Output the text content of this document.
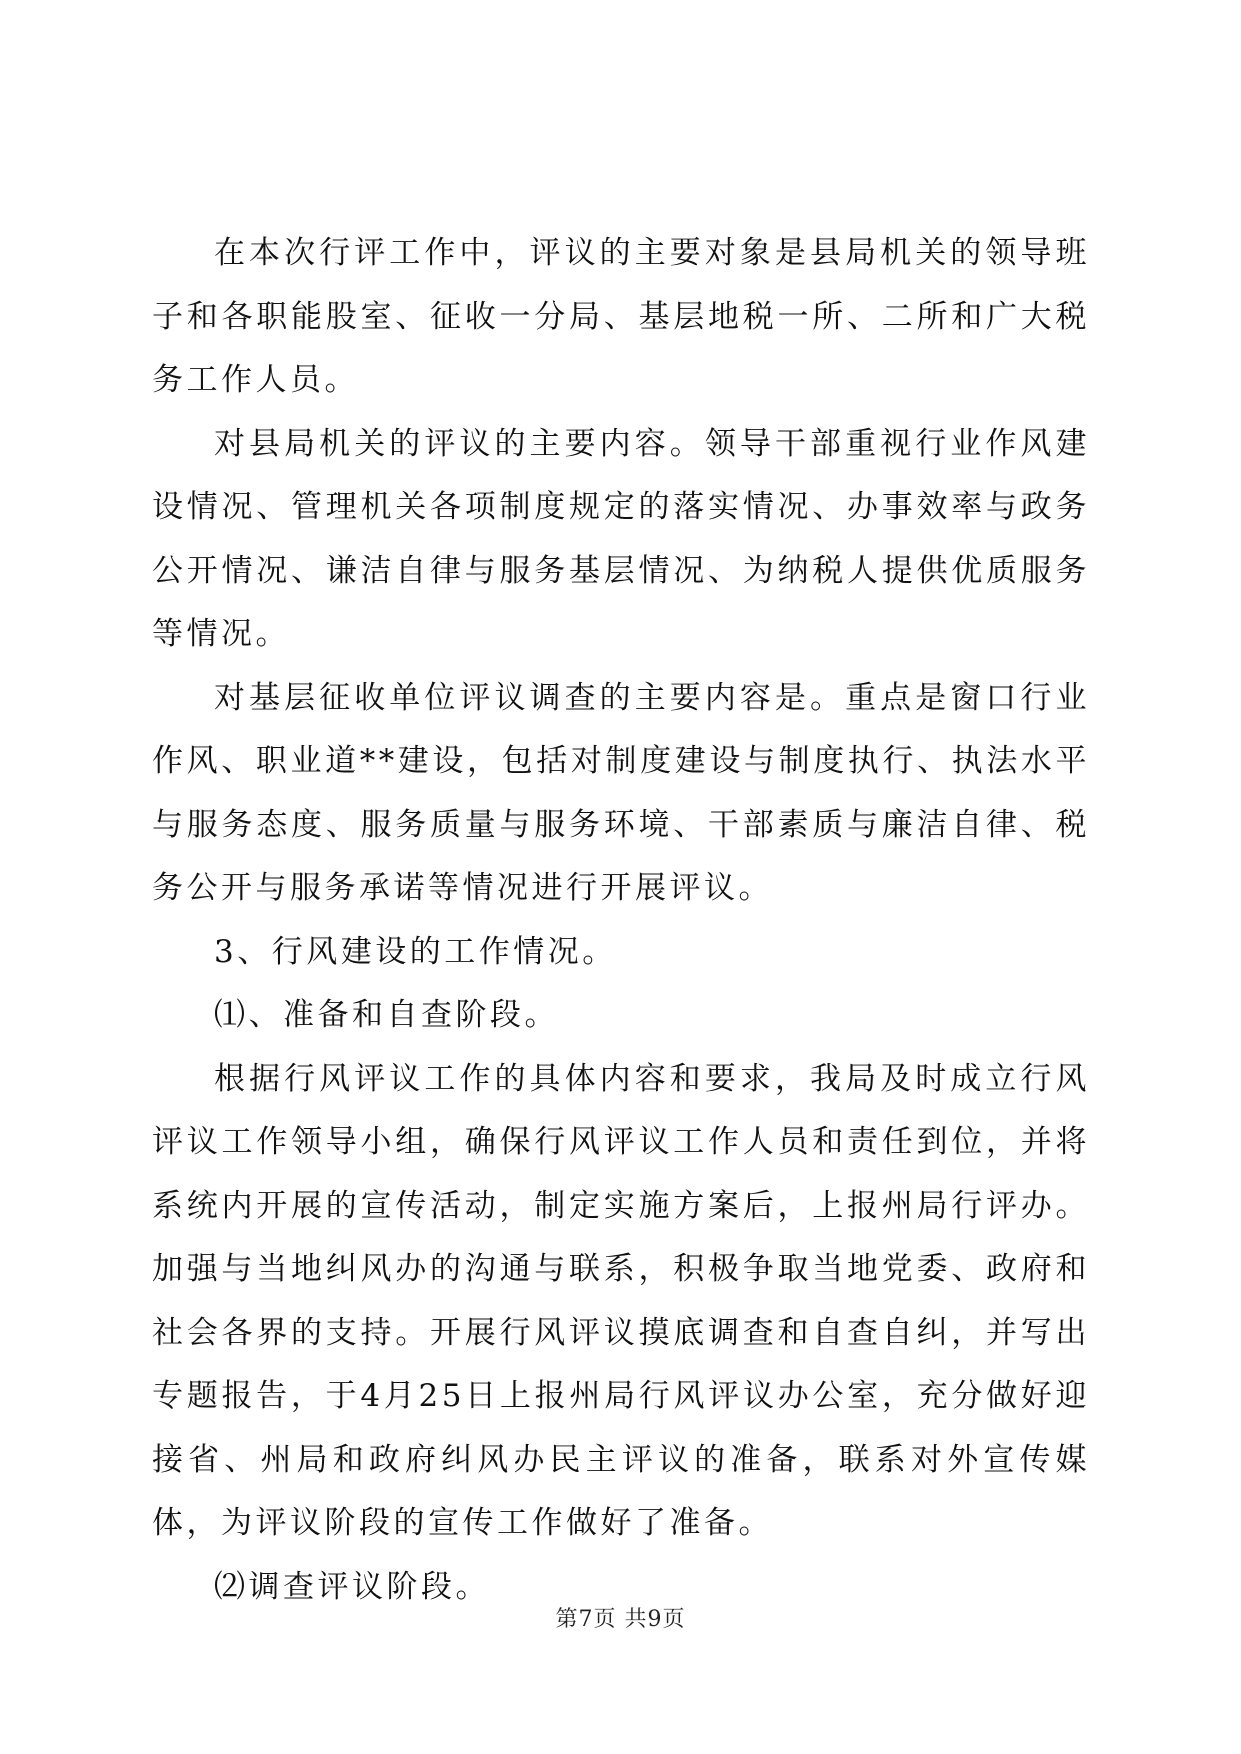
在本次行评工作中，评议的主要对象是县局机关的领导班子和各职能股室、征收一分局、基层地税一所、二所和广大税务工作人员。

对县局机关的评议的主要内容。领导干部重视行业作风建设情况、管理机关各项制度规定的落实情况、办事效率与政务公开情况、谦洁自律与服务基层情况、为纳税人提供优质服务等情况。

对基层征收单位评议调查的主要内容是。重点是窗口行业作风、职业道**建设，包括对制度建设与制度执行、执法水平与服务态度、服务质量与服务环境、干部素质与廉洁自律、税务公开与服务承诺等情况进行开展评议。

3、行风建设的工作情况。

⑴、准备和自查阶段。

根据行风评议工作的具体内容和要求，我局及时成立行风评议工作领导小组，确保行风评议工作人员和责任到位，并将系统内开展的宣传活动，制定实施方案后，上报州局行评办。加强与当地纠风办的沟通与联系，积极争取当地党委、政府和社会各界的支持。开展行风评议摸底调查和自查自纠，并写出专题报告，于4月25日上报州局行风评议办公室，充分做好迎接省、州局和政府纠风办民主评议的准备，联系对外宣传媒体，为评议阶段的宣传工作做好了准备。

⑵调查评议阶段。

第7页 共9页
